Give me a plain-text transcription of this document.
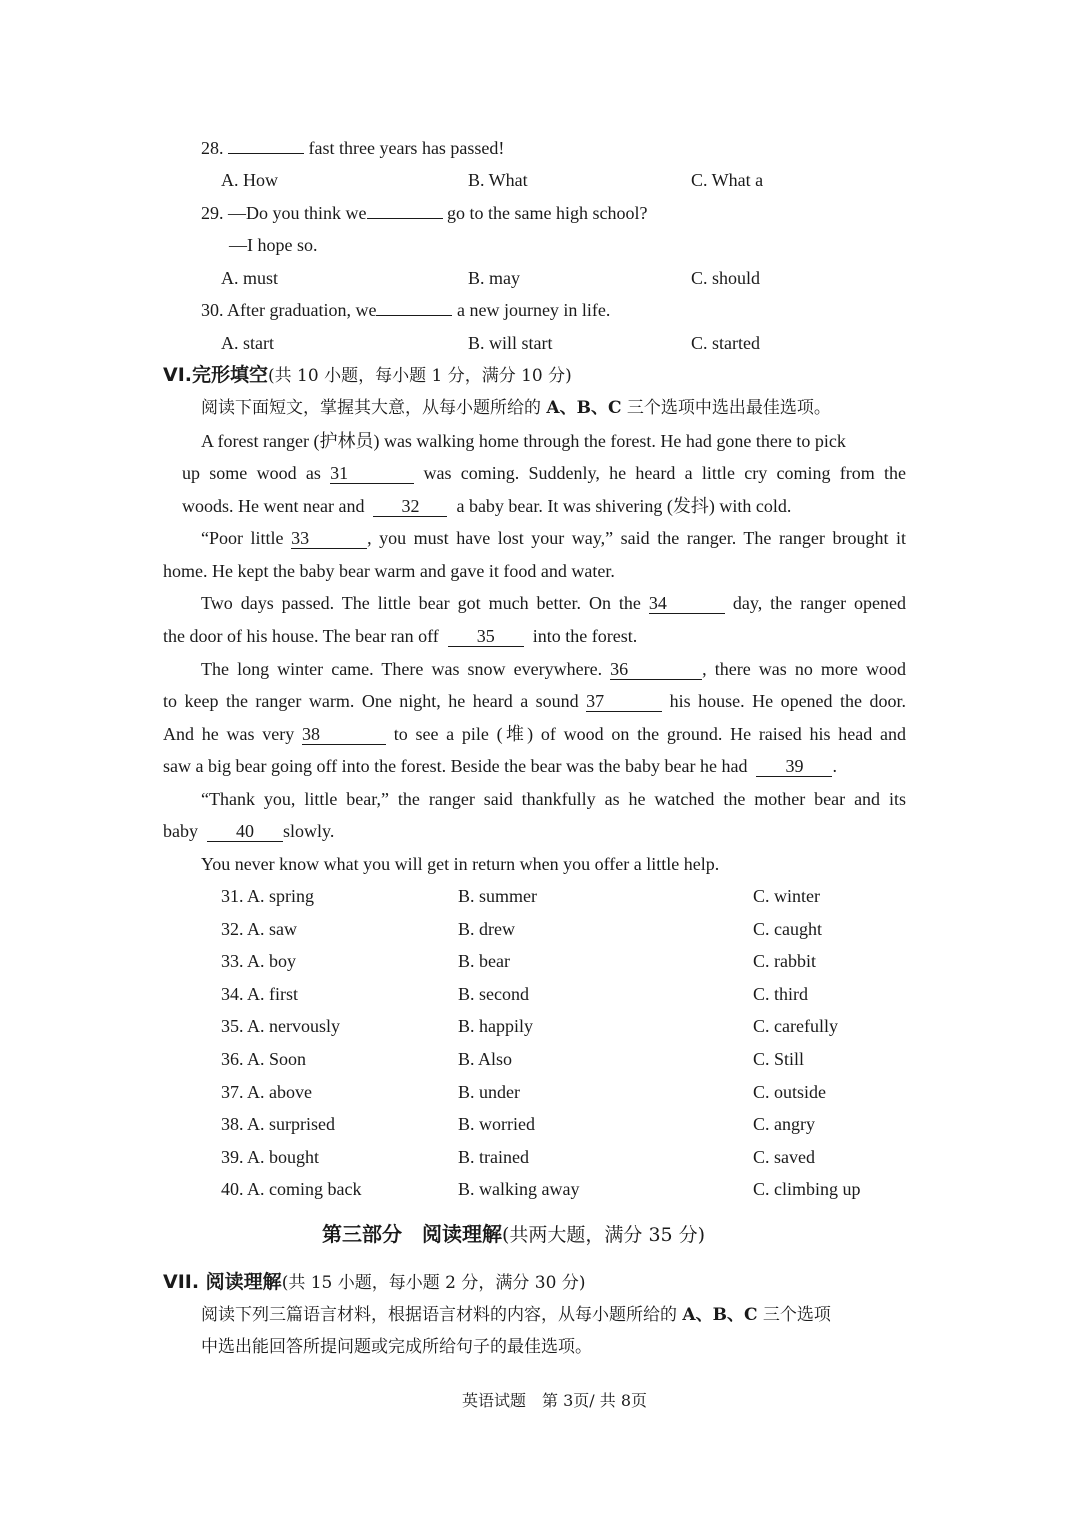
28.	fast three years has passed!
A. How	B. What	C. What a
29. —Do you think we	go to the same high school?
—I hope so.
A. must	B. may	C. should
30. After graduation, we	a new journey in life.
A. start	B. will start	C. started
VI.完形填空(共 10 小题，每小题 1 分，满分 10 分)
阅读下面短文，掌握其大意，从每小题所给的 A、B、C 三个选项中选出最佳选项。
A forest ranger (护林员) was walking home through the forest. He had gone there to pick
up some wood as 31	was coming. Suddenly, he heard a little cry coming from the
woods. He went near and 32 a baby bear. It was shivering (发抖) with cold.
“Poor little 33	, you must have lost your way,” said the ranger. The ranger brought it
home. He kept the baby bear warm and gave it food and water.
Two days passed. The little bear got much better. On the 34	day, the ranger opened
the door of his house. The bear ran off 35 into the forest.
The long winter came. There was snow everywhere. 36	, there was no more wood
to keep the ranger warm. One night, he heard a sound 37	his house. He opened the door.
And he was very 38	to see a pile (堆) of wood on the ground. He raised his head and
saw a big bear going off into the forest. Beside the bear was the baby bear he had 39 .
“Thank you, little bear,” the ranger said thankfully as he watched the mother bear and its
baby 40 slowly.
You never know what you will get in return when you offer a little help.
31. A. spring	B. summer	C. winter
32. A. saw	B. drew	C. caught
33. A. boy	B. bear	C. rabbit
34. A. first	B. second	C. third
35. A. nervously	B. happily	C. carefully
36. A. Soon	B. Also	C. Still
37. A. above	B. under	C. outside
38. A. surprised	B. worried	C. angry
39. A. bought	B. trained	C. saved
40. A. coming back	B. walking away	C. climbing up
第三部分　阅读理解(共两大题，满分 35 分)
VII. 阅读理解(共 15 小题，每小题 2 分，满分 30 分)
阅读下列三篇语言材料，根据语言材料的内容，从每小题所给的 A、B、C 三个选项
中选出能回答所提问题或完成所给句子的最佳选项。
英语试题　第 3页/ 共 8页
